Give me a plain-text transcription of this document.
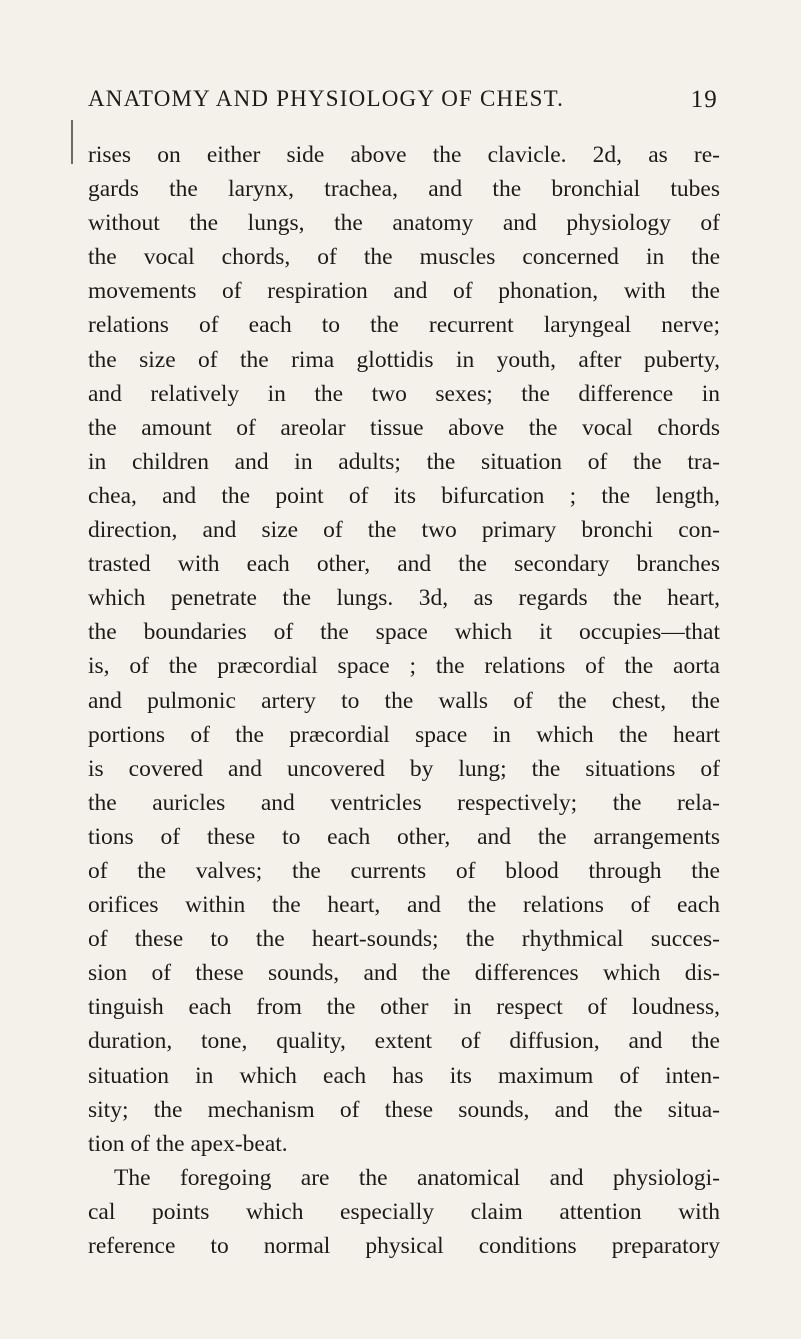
ANATOMY AND PHYSIOLOGY OF CHEST.	19
rises on either side above the clavicle. 2d, as re-
gards the larynx, trachea, and the bronchial tubes
without the lungs, the anatomy and physiology of
the vocal chords, of the muscles concerned in the
movements of respiration and of phonation, with the
relations of each to the recurrent laryngeal nerve;
the size of the rima glottidis in youth, after puberty,
and relatively in the two sexes; the difference in
the amount of areolar tissue above the vocal chords
in children and in adults; the situation of the tra-
chea, and the point of its bifurcation ; the length,
direction, and size of the two primary bronchi con-
trasted with each other, and the secondary branches
which penetrate the lungs. 3d, as regards the heart,
the boundaries of the space which it occupies—that
is, of the præcordial space ; the relations of the aorta
and pulmonic artery to the walls of the chest, the
portions of the præcordial space in which the heart
is covered and uncovered by lung; the situations of
the auricles and ventricles respectively; the rela-
tions of these to each other, and the arrangements
of the valves; the currents of blood through the
orifices within the heart, and the relations of each
of these to the heart-sounds; the rhythmical succes-
sion of these sounds, and the differences which dis-
tinguish each from the other in respect of loudness,
duration, tone, quality, extent of diffusion, and the
situation in which each has its maximum of inten-
sity; the mechanism of these sounds, and the situa-
tion of the apex-beat.
The foregoing are the anatomical and physiologi-
cal points which especially claim attention with
reference to normal physical conditions preparatory
